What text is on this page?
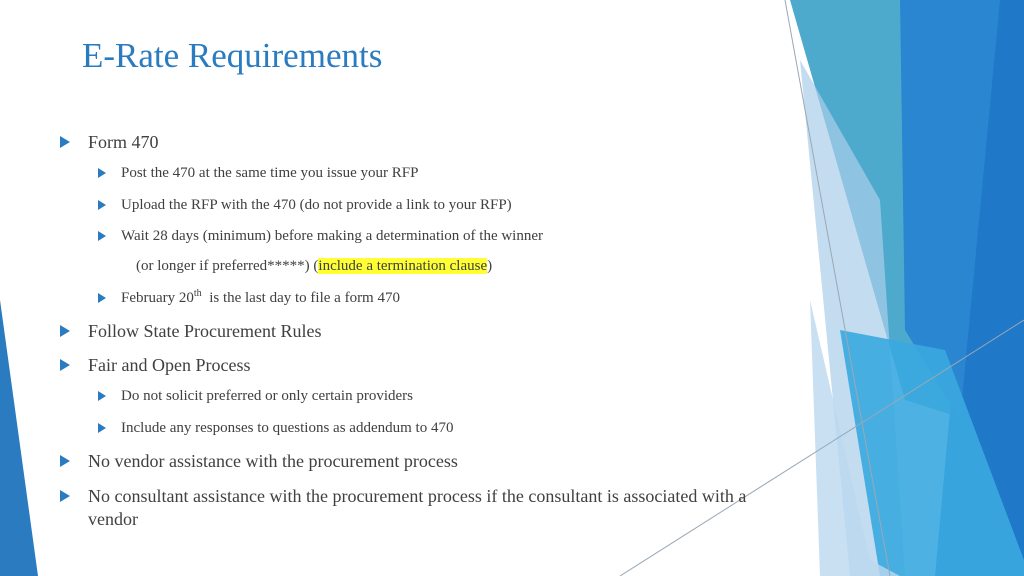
E-Rate Requirements
Form 470
Post the 470 at the same time you issue your RFP
Upload the RFP with the 470 (do not provide a link to your RFP)
Wait 28 days (minimum) before making a determination of the winner
(or longer if preferred*****) (include a termination clause)
February 20th  is the last day to file a form 470
Follow State Procurement Rules
Fair and Open Process
Do not solicit preferred or only certain providers
Include any responses to questions as addendum to 470
No vendor assistance with the procurement process
No consultant assistance with the procurement process if the consultant is associated with a vendor
